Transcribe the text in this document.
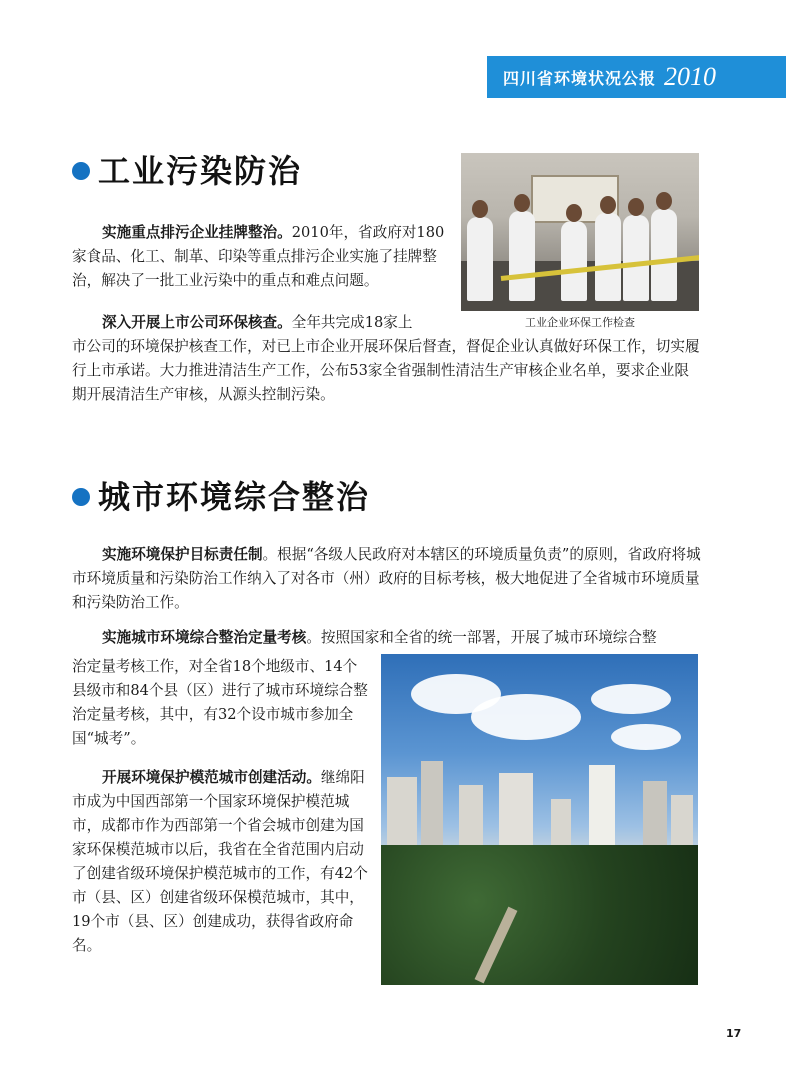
四川省环境状况公报 2010
工业污染防治

实施重点排污企业挂牌整治。2010年，省政府对180家食品、化工、制革、印染等重点排污企业实施了挂牌整治，解决了一批工业污染中的重点和难点问题。

深入开展上市公司环保核查。全年共完成18家上

市公司的环境保护核查工作，对已上市企业开展环保后督查，督促企业认真做好环保工作，切实履行上市承诺。大力推进清洁生产工作，公布53家全省强制性清洁生产审核企业名单，要求企业限期开展清洁生产审核，从源头控制污染。

工业企业环保工作检查
城市环境综合整治

实施环境保护目标责任制。根据“各级人民政府对本辖区的环境质量负责”的原则，省政府将城市环境质量和污染防治工作纳入了对各市（州）政府的目标考核，极大地促进了全省城市环境质量和污染防治工作。

实施城市环境综合整治定量考核。按照国家和全省的统一部署，开展了城市环境综合整

治定量考核工作，对全省18个地级市、14个县级市和84个县（区）进行了城市环境综合整治定量考核，其中，有32个设市城市参加全国“城考”。

开展环境保护模范城市创建活动。继绵阳市成为中国西部第一个国家环境保护模范城市，成都市作为西部第一个省会城市创建为国家环保模范城市以后，我省在全省范围内启动了创建省级环境保护模范城市的工作，有42个市（县、区）创建省级环保模范城市，其中，19个市（县、区）创建成功，获得省政府命名。

17
